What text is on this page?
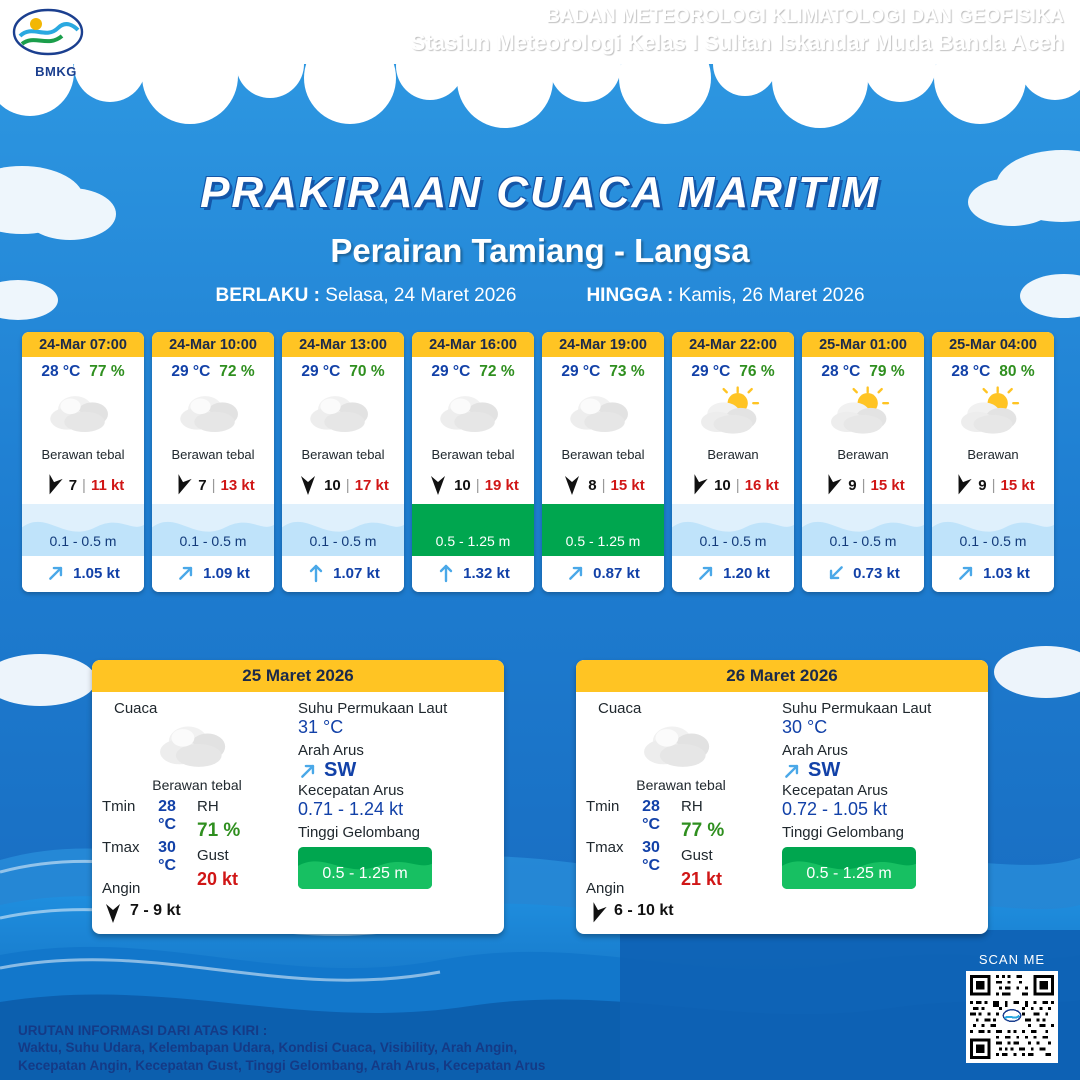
BMKG
BADAN METEOROLOGI KLIMATOLOGI DAN GEOFISIKA
Stasiun Meteorologi Kelas I Sultan Iskandar Muda Banda Aceh
PRAKIRAAN CUACA MARITIM
Perairan Tamiang - Langsa
BERLAKU : Selasa, 24 Maret 2026	HINGGA : Kamis, 26 Maret 2026
24-Mar 07:00
28 °C 77 %
Berawan tebal
7 | 11 kt
0.1 - 0.5 m
1.05 kt
24-Mar 10:00
29 °C 72 %
Berawan tebal
7 | 13 kt
0.1 - 0.5 m
1.09 kt
24-Mar 13:00
29 °C 70 %
Berawan tebal
10 | 17 kt
0.1 - 0.5 m
1.07 kt
24-Mar 16:00
29 °C 72 %
Berawan tebal
10 | 19 kt
0.5 - 1.25 m
1.32 kt
24-Mar 19:00
29 °C 73 %
Berawan tebal
8 | 15 kt
0.5 - 1.25 m
0.87 kt
24-Mar 22:00
29 °C 76 %
Berawan
10 | 16 kt
0.1 - 0.5 m
1.20 kt
25-Mar 01:00
28 °C 79 %
Berawan
9 | 15 kt
0.1 - 0.5 m
0.73 kt
25-Mar 04:00
28 °C 80 %
Berawan
9 | 15 kt
0.1 - 0.5 m
1.03 kt
25 Maret 2026
Cuaca
Berawan tebal
Tmin	28 °C
Tmax	30 °C
Angin
7 - 9 kt
RH
71 %
Gust
20 kt
Suhu Permukaan Laut
31 °C
Arah Arus
SW
Kecepatan Arus
0.71 - 1.24 kt
Tinggi Gelombang
0.5 - 1.25 m
26 Maret 2026
Cuaca
Berawan tebal
Tmin	28 °C
Tmax	30 °C
Angin
6 - 10 kt
RH
77 %
Gust
21 kt
Suhu Permukaan Laut
30 °C
Arah Arus
SW
Kecepatan Arus
0.72 - 1.05 kt
Tinggi Gelombang
0.5 - 1.25 m
URUTAN INFORMASI DARI ATAS KIRI :
Waktu, Suhu Udara, Kelembapan Udara, Kondisi Cuaca, Visibility, Arah Angin,
Kecepatan Angin, Kecepatan Gust, Tinggi Gelombang, Arah Arus, Kecepatan Arus
SCAN ME
